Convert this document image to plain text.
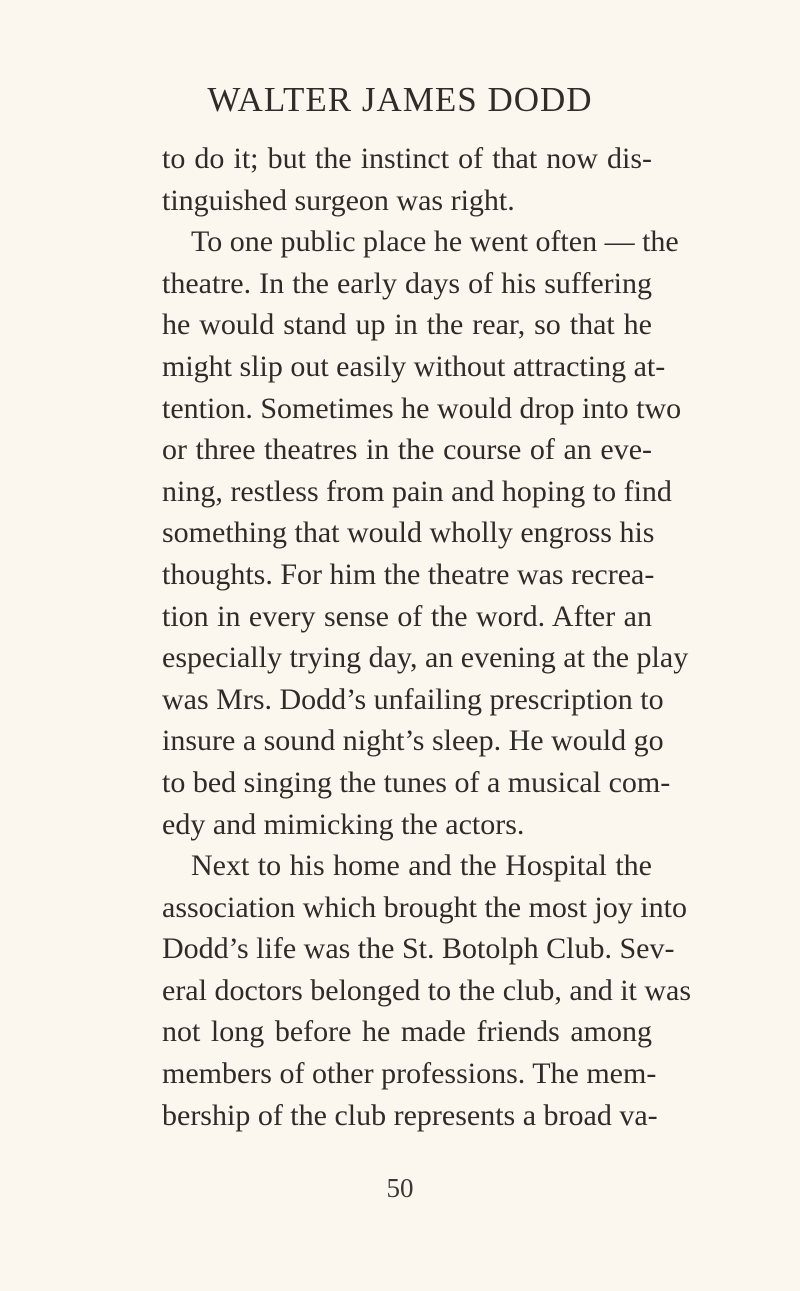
WALTER JAMES DODD
to do it; but the instinct of that now dis-
tinguished surgeon was right.
To one public place he went often — the
theatre. In the early days of his suffering
he would stand up in the rear, so that he
might slip out easily without attracting at-
tention. Sometimes he would drop into two
or three theatres in the course of an eve-
ning, restless from pain and hoping to find
something that would wholly engross his
thoughts. For him the theatre was recrea-
tion in every sense of the word. After an
especially trying day, an evening at the play
was Mrs. Dodd’s unfailing prescription to
insure a sound night’s sleep. He would go
to bed singing the tunes of a musical com-
edy and mimicking the actors.
Next to his home and the Hospital the
association which brought the most joy into
Dodd’s life was the St. Botolph Club. Sev-
eral doctors belonged to the club, and it was
not long before he made friends among
members of other professions. The mem-
bership of the club represents a broad va-
50
